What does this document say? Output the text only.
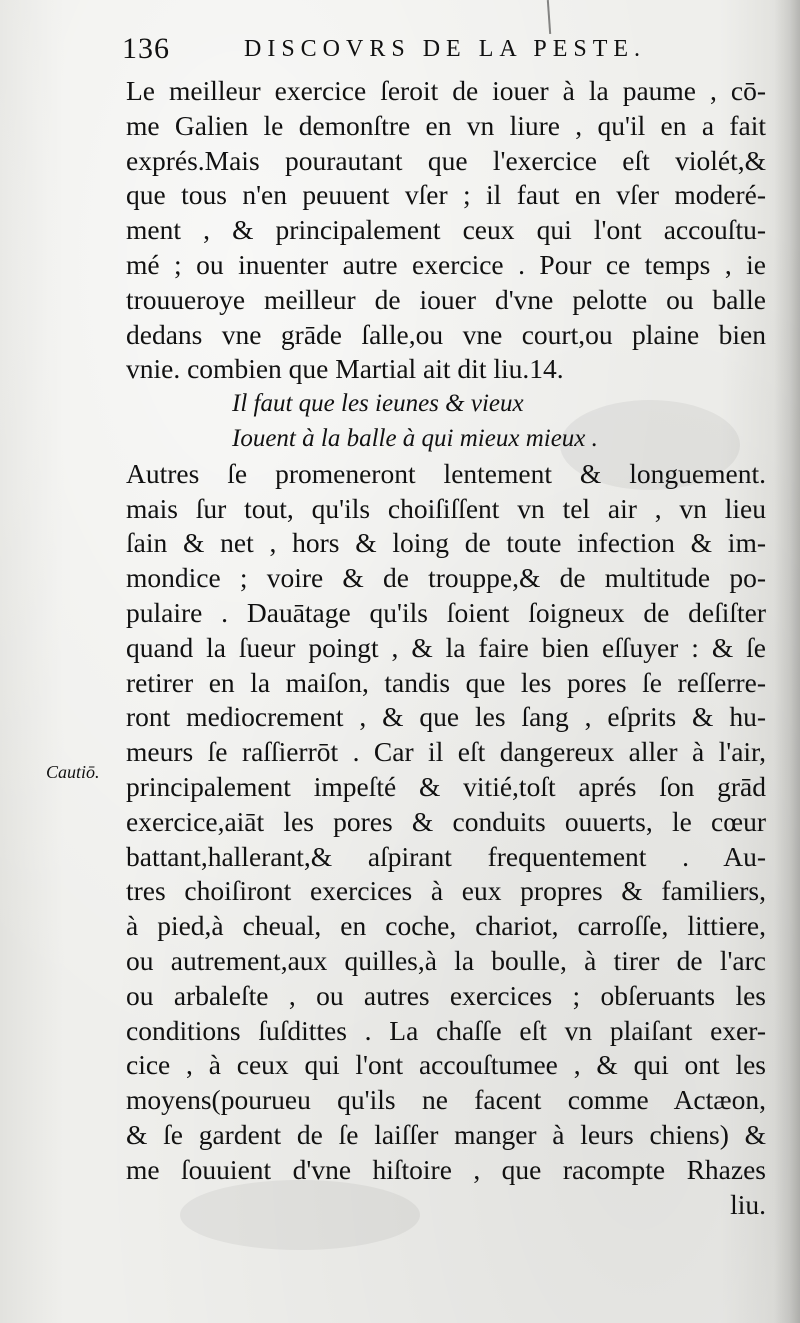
136	DISCOVRS DE LA PESTE.
Cautiō.
Le meilleur exercice ſeroit de iouer à la paume , cō-
me Galien le demonſtre en vn liure , qu'il en a fait
exprés.Mais pourautant que l'exercice eſt violét,&
que tous n'en peuuent vſer ; il faut en vſer moderé-
ment , & principalement ceux qui l'ont accouſtu-
mé ; ou inuenter autre exercice . Pour ce temps , ie
trouueroye meilleur de iouer d'vne pelotte ou balle
dedans vne grāde ſalle,ou vne court,ou plaine bien
vnie. combien que Martial ait dit liu.14.
Il faut que les ieunes & vieux
Iouent à la balle à qui mieux mieux .
Autres ſe promeneront lentement & longuement.
mais ſur tout, qu'ils choiſiſſent vn tel air , vn lieu
ſain & net , hors & loing de toute infection & im-
mondice ; voire & de trouppe,& de multitude po-
pulaire . Dauātage qu'ils ſoient ſoigneux de deſiſter
quand la ſueur poingt , & la faire bien eſſuyer : & ſe
retirer en la maiſon, tandis que les pores ſe reſſerre-
ront mediocrement , & que les ſang , eſprits & hu-
meurs ſe raſſierrōt . Car il eſt dangereux aller à l'air,
principalement impeſté & vitié,toſt aprés ſon grād
exercice,aiāt les pores & conduits ouuerts, le cœur
battant,hallerant,& aſpirant frequentement . Au-
tres choiſiront exercices à eux propres & familiers,
à pied,à cheual, en coche, chariot, carroſſe, littiere,
ou autrement,aux quilles,à la boulle, à tirer de l'arc
ou arbaleſte , ou autres exercices ; obſeruants les
conditions ſuſdittes . La chaſſe eſt vn plaiſant exer-
cice , à ceux qui l'ont accouſtumee , & qui ont les
moyens(pourueu qu'ils ne facent comme Actæon,
& ſe gardent de ſe laiſſer manger à leurs chiens) &
me ſouuient d'vne hiſtoire , que racompte Rhazes
liu.
